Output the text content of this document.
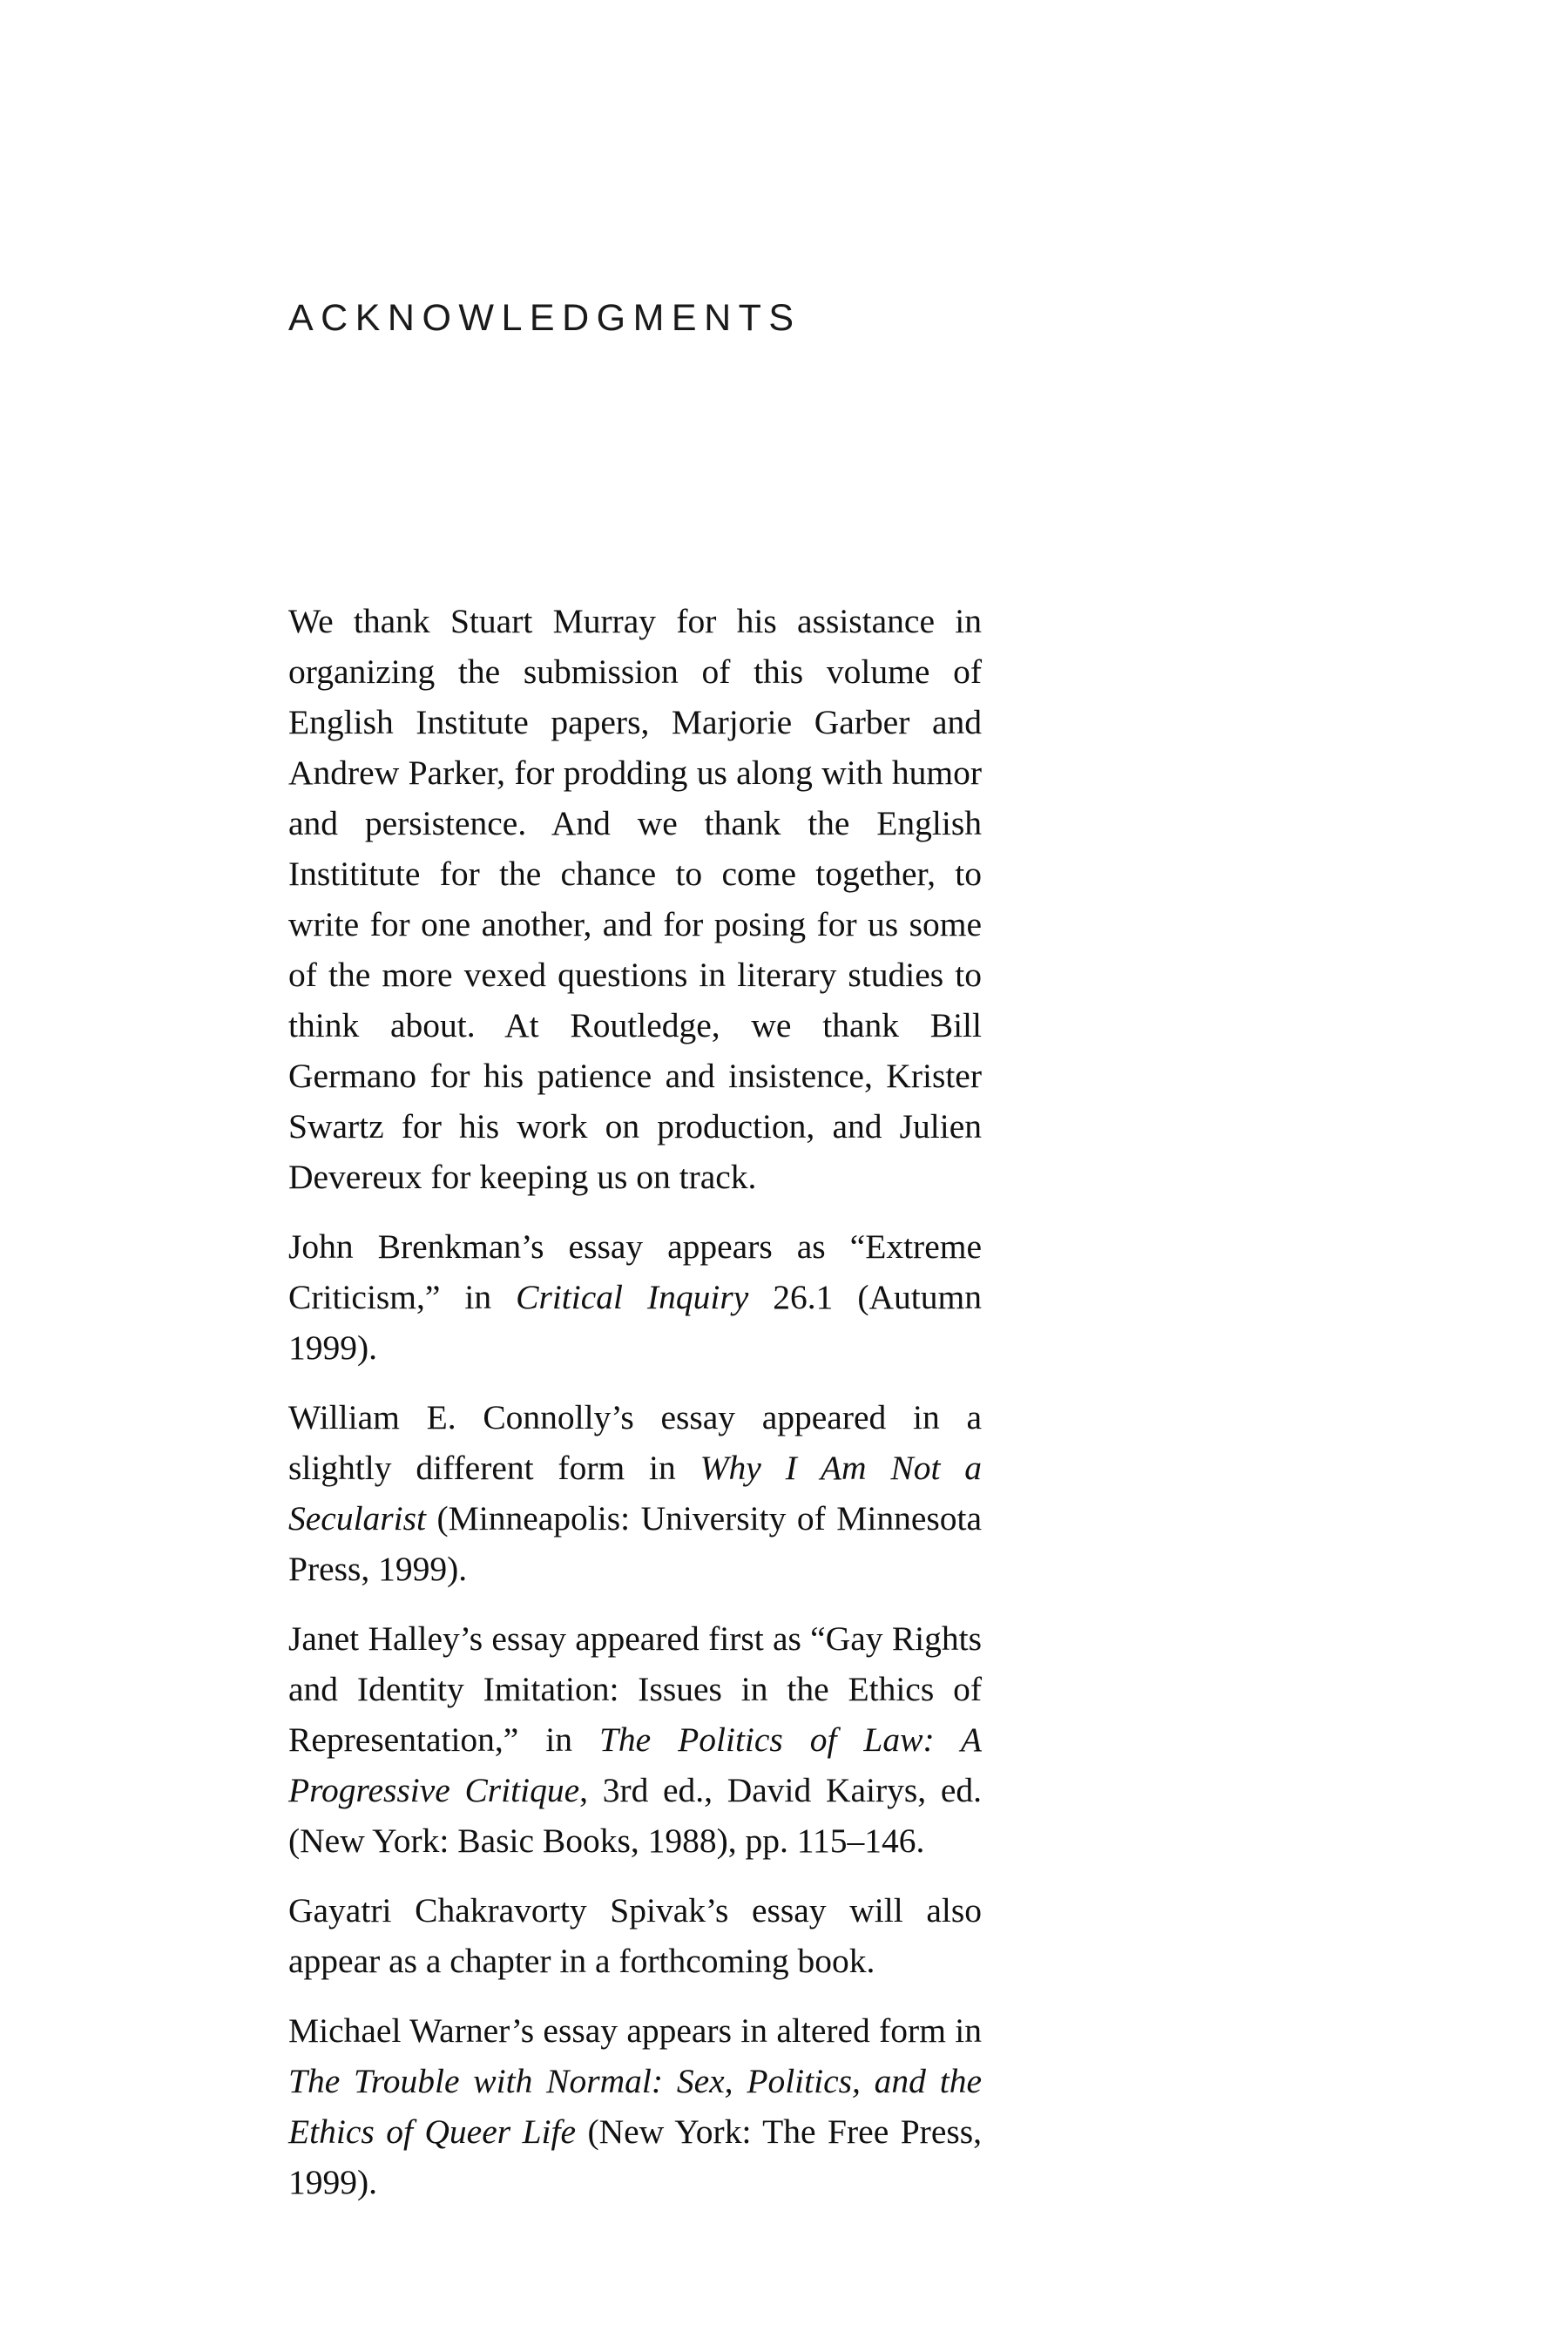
ACKNOWLEDGMENTS

We thank Stuart Murray for his assistance in organizing the submission of this volume of English Institute papers, Marjorie Garber and Andrew Parker, for prodding us along with humor and persistence. And we thank the English Instititute for the chance to come together, to write for one another, and for posing for us some of the more vexed questions in literary studies to think about. At Routledge, we thank Bill Germano for his patience and insistence, Krister Swartz for his work on production, and Julien Devereux for keeping us on track.

John Brenkman’s essay appears as “Extreme Criticism,” in Critical Inquiry 26.1 (Autumn 1999).

William E. Connolly’s essay appeared in a slightly different form in Why I Am Not a Secularist (Minneapolis: University of Minnesota Press, 1999).

Janet Halley’s essay appeared first as “Gay Rights and Identity Imitation: Issues in the Ethics of Representation,” in The Politics of Law: A Progressive Critique, 3rd ed., David Kairys, ed. (New York: Basic Books, 1988), pp. 115–146.

Gayatri Chakravorty Spivak’s essay will also appear as a chapter in a forthcoming book.

Michael Warner’s essay appears in altered form in The Trouble with Normal: Sex, Politics, and the Ethics of Queer Life (New York: The Free Press, 1999).
